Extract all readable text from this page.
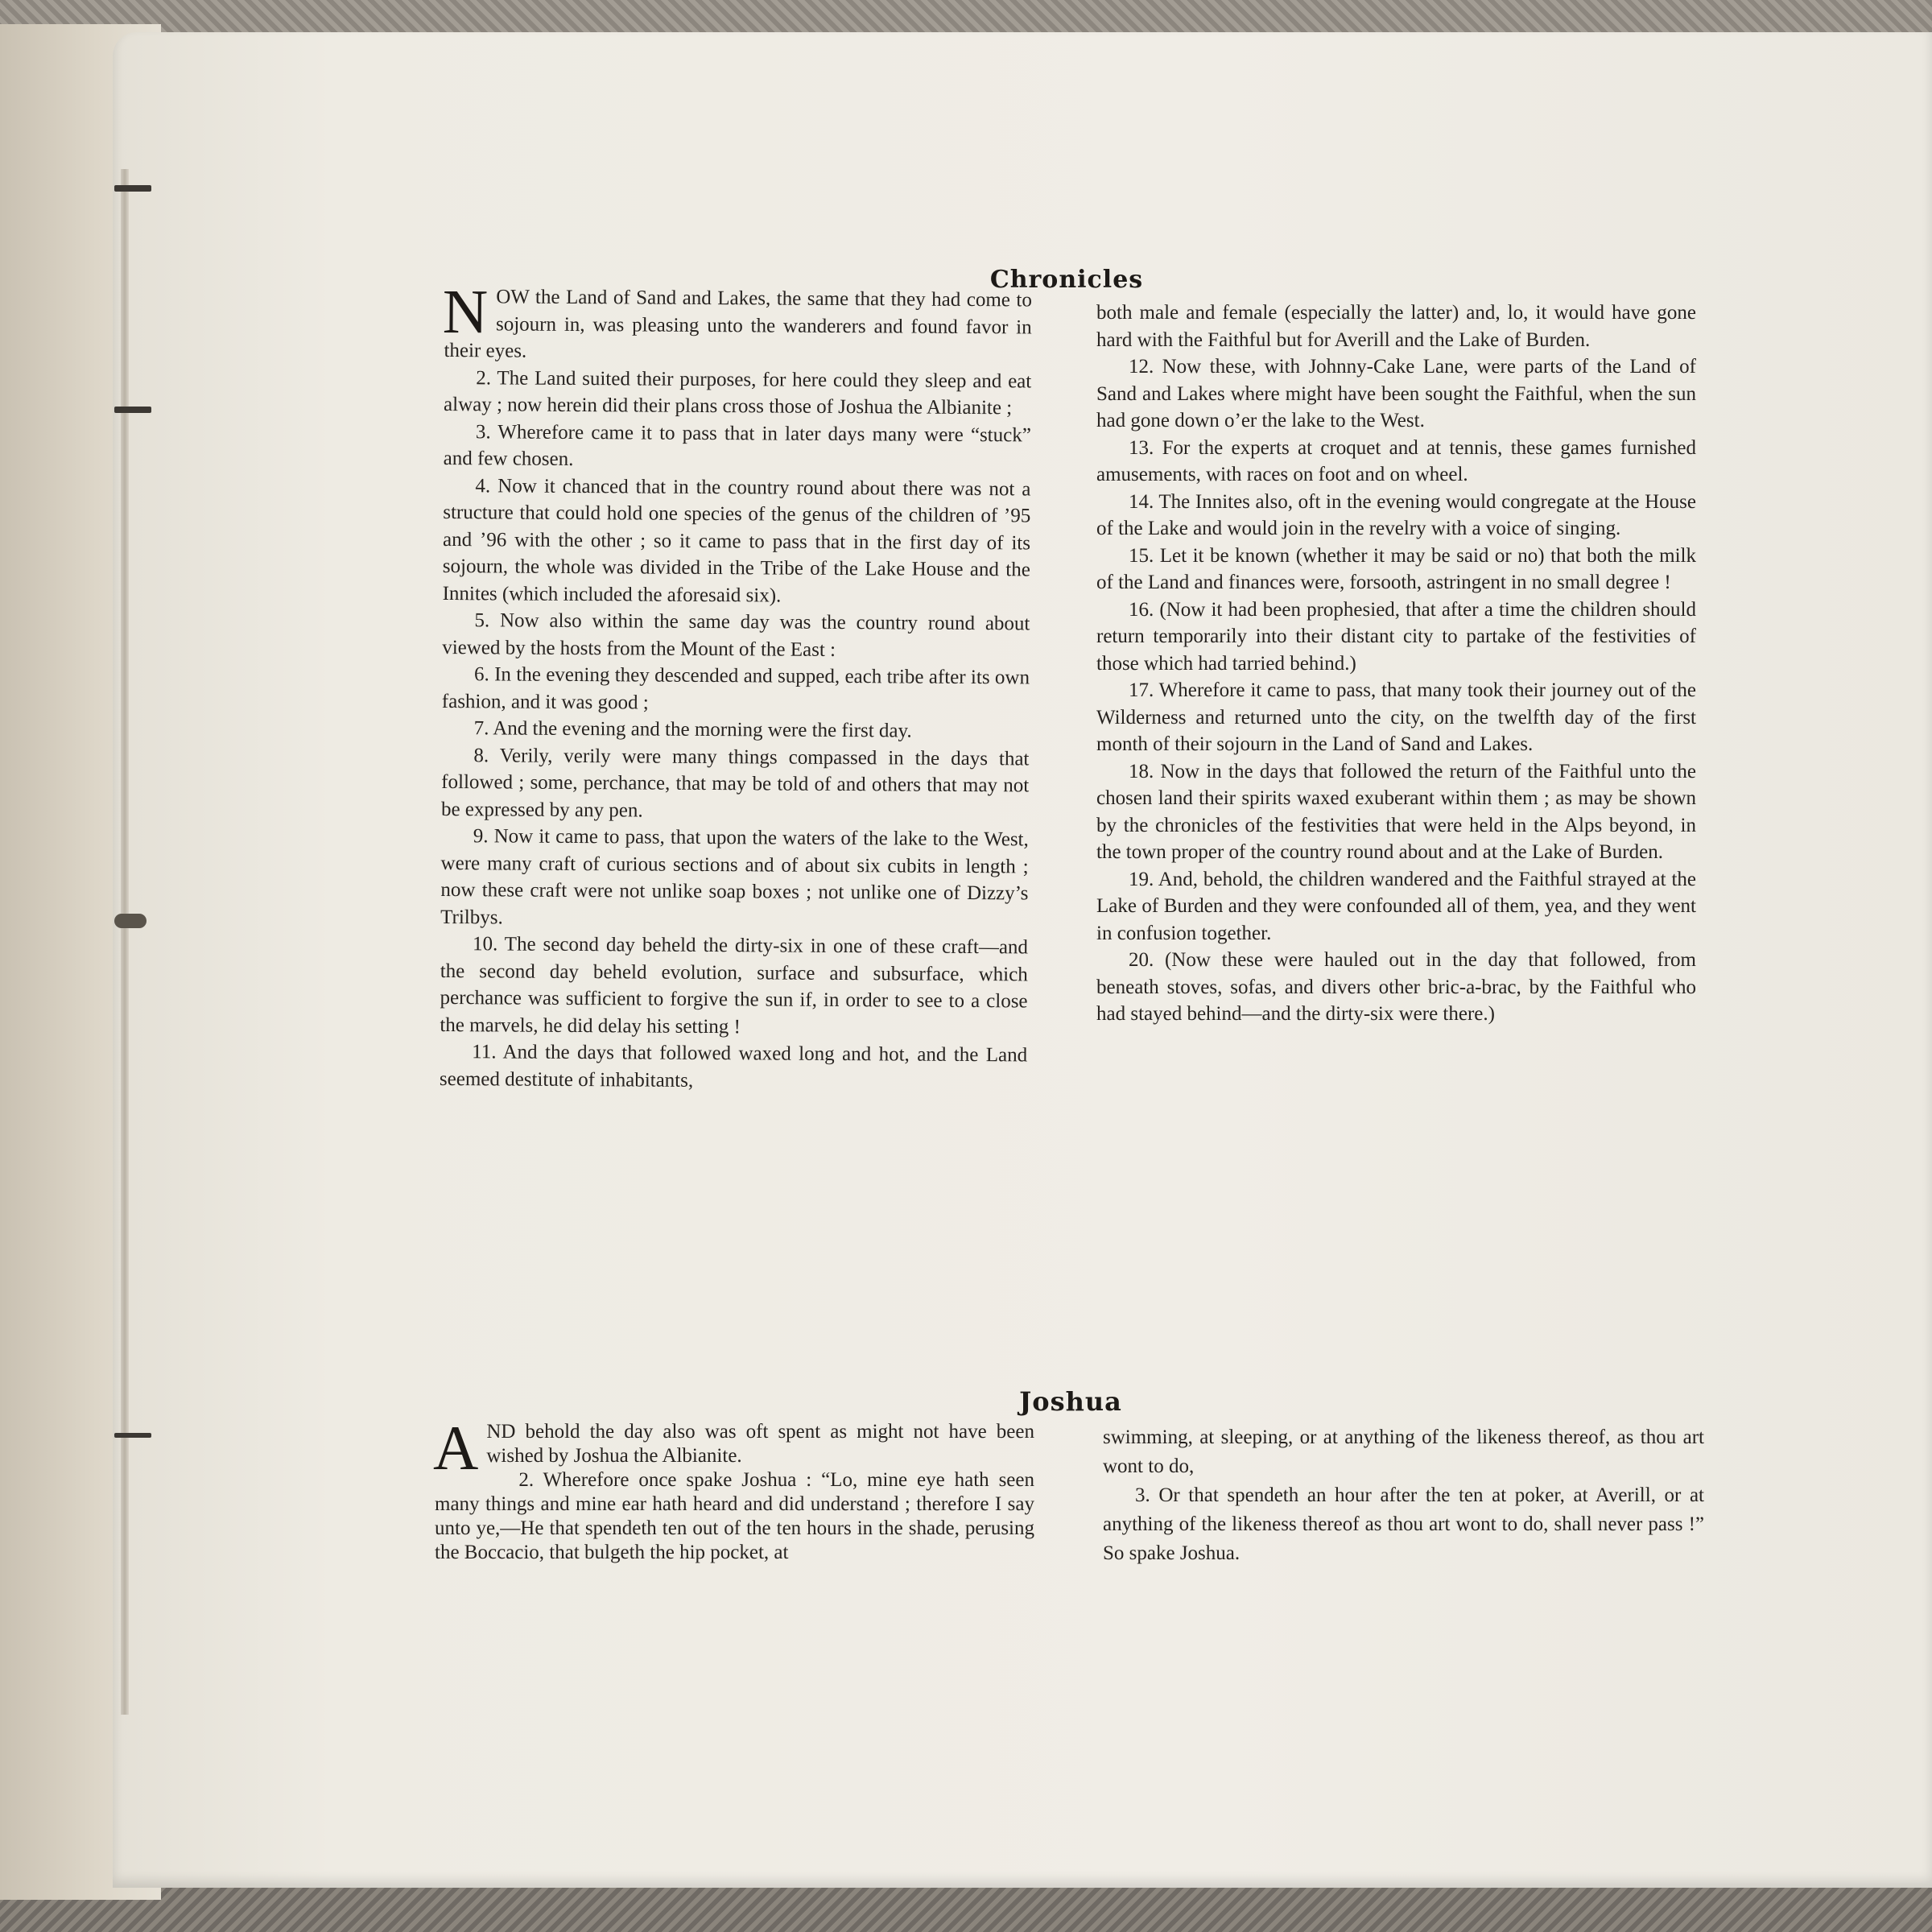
Chronicles

NOW the Land of Sand and Lakes, the same that they had come to sojourn in, was pleasing unto the wanderers and found favor in their eyes.

2. The Land suited their purposes, for here could they sleep and eat alway ; now herein did their plans cross those of Joshua the Albianite ;

3. Wherefore came it to pass that in later days many were “stuck” and few chosen.

4. Now it chanced that in the country round about there was not a structure that could hold one species of the genus of the children of ’95 and ’96 with the other ; so it came to pass that in the first day of its sojourn, the whole was divided in the Tribe of the Lake House and the Innites (which included the aforesaid six).

5. Now also within the same day was the country round about viewed by the hosts from the Mount of the East :

6. In the evening they descended and supped, each tribe after its own fashion, and it was good ;

7. And the evening and the morning were the first day.

8. Verily, verily were many things compassed in the days that followed ; some, perchance, that may be told of and others that may not be expressed by any pen.

9. Now it came to pass, that upon the waters of the lake to the West, were many craft of curious sections and of about six cubits in length ; now these craft were not unlike soap boxes ; not unlike one of Dizzy’s Trilbys.

10. The second day beheld the dirty-six in one of these craft—and the second day beheld evolution, surface and subsurface, which perchance was sufficient to forgive the sun if, in order to see to a close the marvels, he did delay his setting !

11. And the days that followed waxed long and hot, and the Land seemed destitute of inhabitants,

both male and female (especially the latter) and, lo, it would have gone hard with the Faithful but for Averill and the Lake of Burden.

12. Now these, with Johnny-Cake Lane, were parts of the Land of Sand and Lakes where might have been sought the Faithful, when the sun had gone down o’er the lake to the West.

13. For the experts at croquet and at tennis, these games furnished amusements, with races on foot and on wheel.

14. The Innites also, oft in the evening would congregate at the House of the Lake and would join in the revelry with a voice of singing.

15. Let it be known (whether it may be said or no) that both the milk of the Land and finances were, forsooth, astringent in no small degree !

16. (Now it had been prophesied, that after a time the children should return temporarily into their distant city to partake of the festivities of those which had tarried behind.)

17. Wherefore it came to pass, that many took their journey out of the Wilderness and returned unto the city, on the twelfth day of the first month of their sojourn in the Land of Sand and Lakes.

18. Now in the days that followed the return of the Faithful unto the chosen land their spirits waxed exuberant within them ; as may be shown by the chronicles of the festivities that were held in the Alps beyond, in the town proper of the country round about and at the Lake of Burden.

19. And, behold, the children wandered and the Faithful strayed at the Lake of Burden and they were confounded all of them, yea, and they went in confusion together.

20. (Now these were hauled out in the day that followed, from beneath stoves, sofas, and divers other bric-a-brac, by the Faithful who had stayed behind—and the dirty-six were there.)

Joshua

AND behold the day also was oft spent as might not have been wished by Joshua the Albianite.

2. Wherefore once spake Joshua : “Lo, mine eye hath seen many things and mine ear hath heard and did understand ; therefore I say unto ye,—He that spendeth ten out of the ten hours in the shade, perusing the Boccacio, that bulgeth the hip pocket, at

swimming, at sleeping, or at anything of the likeness thereof, as thou art wont to do,

3. Or that spendeth an hour after the ten at poker, at Averill, or at anything of the likeness thereof as thou art wont to do, shall never pass !” So spake Joshua.
